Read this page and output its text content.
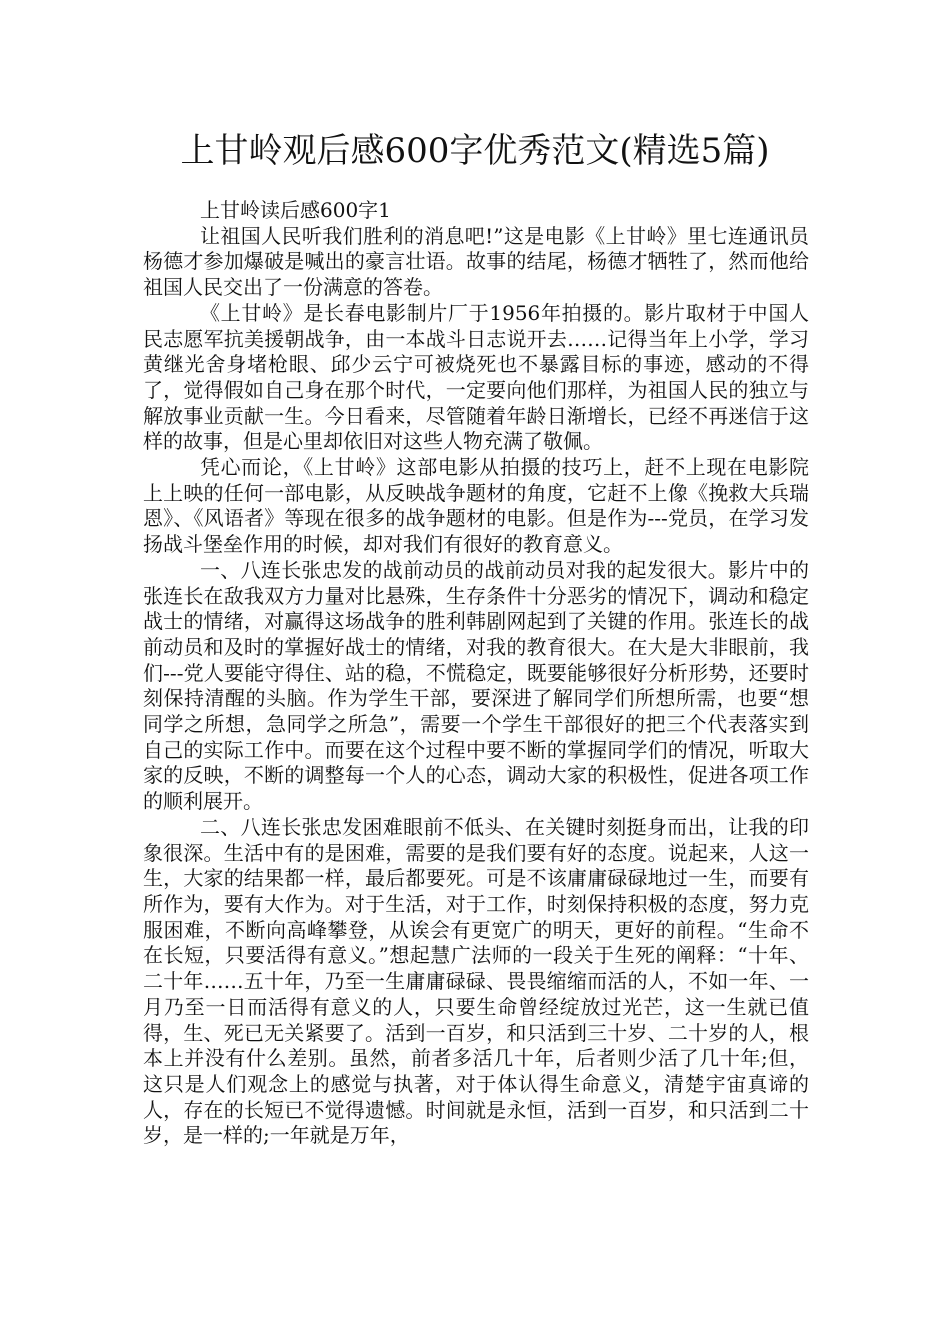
上甘岭观后感600字优秀范文(精选5篇)

上甘岭读后感600字1

让祖国人民听我们胜利的消息吧!”这是电影《上甘岭》里七连通讯员杨德才参加爆破是喊出的豪言壮语。故事的结尾，杨德才牺牲了，然而他给祖国人民交出了一份满意的答卷。

《上甘岭》是长春电影制片厂于1956年拍摄的。影片取材于中国人民志愿军抗美援朝战争，由一本战斗日志说开去……记得当年上小学，学习黄继光舍身堵枪眼、邱少云宁可被烧死也不暴露目标的事迹，感动的不得了，觉得假如自己身在那个时代，一定要向他们那样，为祖国人民的独立与解放事业贡献一生。今日看来，尽管随着年龄日渐增长，已经不再迷信于这样的故事，但是心里却依旧对这些人物充满了敬佩。

凭心而论，《上甘岭》这部电影从拍摄的技巧上，赶不上现在电影院上上映的任何一部电影，从反映战争题材的角度，它赶不上像《挽救大兵瑞恩》、《风语者》等现在很多的战争题材的电影。但是作为---党员，在学习发扬战斗堡垒作用的时候，却对我们有很好的教育意义。

一、八连长张忠发的战前动员的战前动员对我的起发很大。影片中的张连长在敌我双方力量对比悬殊，生存条件十分恶劣的情况下，调动和稳定战士的情绪，对赢得这场战争的胜利韩剧网起到了关键的作用。张连长的战前动员和及时的掌握好战士的情绪，对我的教育很大。在大是大非眼前，我们---党人要能守得住、站的稳，不慌稳定，既要能够很好分析形势，还要时刻保持清醒的头脑。作为学生干部，要深进了解同学们所想所需，也要“想同学之所想，急同学之所急”，需要一个学生干部很好的把三个代表落实到自己的实际工作中。而要在这个过程中要不断的掌握同学们的情况，听取大家的反映，不断的调整每一个人的心态，调动大家的积极性，促进各项工作的顺利展开。

二、八连长张忠发困难眼前不低头、在关键时刻挺身而出，让我的印象很深。生活中有的是困难，需要的是我们要有好的态度。说起来，人这一生，大家的结果都一样，最后都要死。可是不该庸庸碌碌地过一生，而要有所作为，要有大作为。对于生活，对于工作，时刻保持积极的态度，努力克服困难，不断向高峰攀登，从诶会有更宽广的明天，更好的前程。“生命不在长短，只要活得有意义。”想起慧广法师的一段关于生死的阐释：“十年、二十年……五十年，乃至一生庸庸碌碌、畏畏缩缩而活的人，不如一年、一月乃至一日而活得有意义的人，只要生命曾经绽放过光芒，这一生就已值得，生、死已无关紧要了。活到一百岁，和只活到三十岁、二十岁的人，根本上并没有什么差别。虽然，前者多活几十年，后者则少活了几十年;但，这只是人们观念上的感觉与执著，对于体认得生命意义，清楚宇宙真谛的人，存在的长短已不觉得遗憾。时间就是永恒，活到一百岁，和只活到二十岁，是一样的;一年就是万年，
